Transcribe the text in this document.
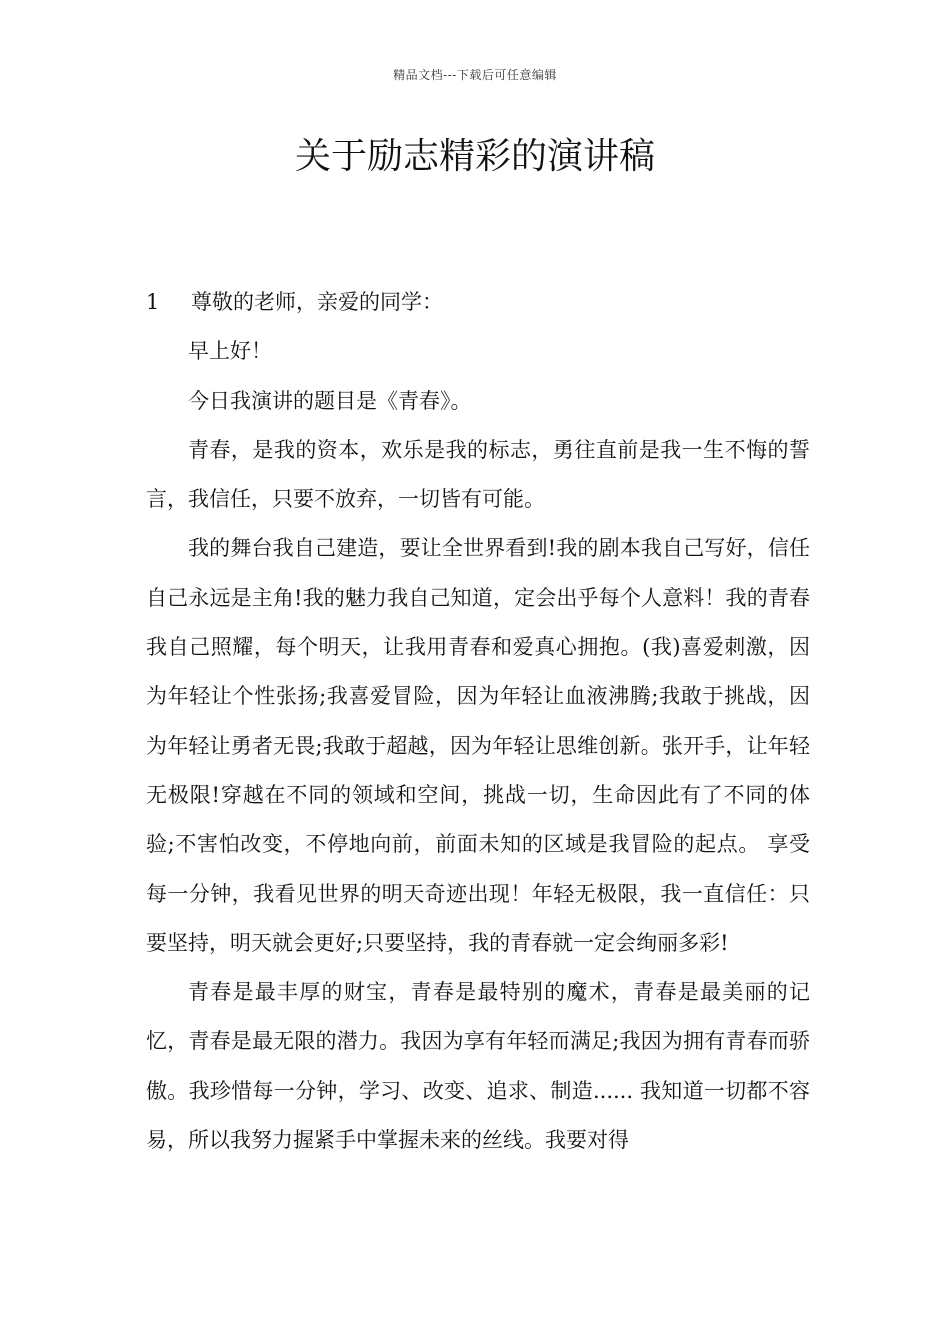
精品文档---下载后可任意编辑
关于励志精彩的演讲稿

1 尊敬的老师，亲爱的同学：

早上好！

今日我演讲的题目是《青春》。

青春，是我的资本，欢乐是我的标志，勇往直前是我一生不悔的誓言，我信任，只要不放弃，一切皆有可能。

我的舞台我自己建造，要让全世界看到!我的剧本我自己写好，信任自己永远是主角!我的魅力我自己知道，定会出乎每个人意料！我的青春我自己照耀，每个明天，让我用青春和爱真心拥抱。(我)喜爱刺激，因为年轻让个性张扬;我喜爱冒险，因为年轻让血液沸腾;我敢于挑战，因为年轻让勇者无畏;我敢于超越，因为年轻让思维创新。张开手，让年轻无极限!穿越在不同的领域和空间，挑战一切，生命因此有了不同的体验;不害怕改变，不停地向前，前面未知的区域是我冒险的起点。 享受每一分钟，我看见世界的明天奇迹出现！年轻无极限，我一直信任：只要坚持，明天就会更好;只要坚持，我的青春就一定会绚丽多彩!

青春是最丰厚的财宝，青春是最特别的魔术，青春是最美丽的记忆，青春是最无限的潜力。我因为享有年轻而满足;我因为拥有青春而骄傲。我珍惜每一分钟，学习、改变、追求、制造...... 我知道一切都不容易，所以我努力握紧手中掌握未来的丝线。我要对得
